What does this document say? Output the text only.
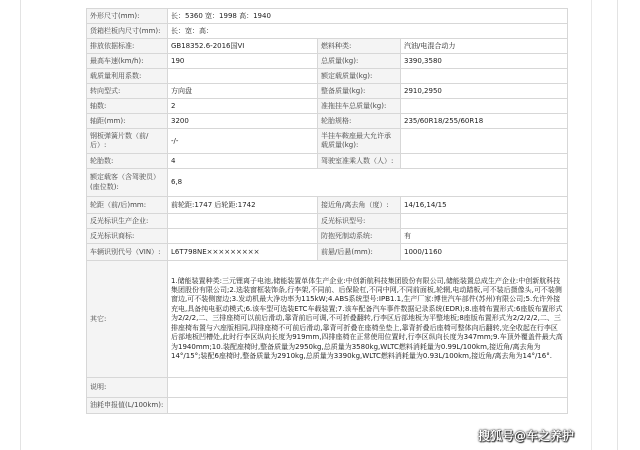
外形尺寸(mm):	长：5360 宽：1998 高：1940		
货箱栏板内尺寸(mm):	长：宽：高：		
排放依据标准:	GB18352.6-2016国VI	燃料种类:	汽油/电混合动力
最高车速(km/h):	190	总质量(kg):	3390,3580
载质量利用系数:		额定载质量(kg):	
转向型式:	方向盘	整备质量(kg):	2910,2950
轴数:	2	准拖挂车总质量(kg):	
轴距(mm):	3200	轮胎规格:	235/60R18/255/60R18
钢板弹簧片数（前/后）:	-/-	半挂车鞍座最大允许承载质量(kg):	
轮胎数:	4	驾驶室准乘人数（人）:	
额定载客（含驾驶员）(座位数):	6,8		
轮距（前/后)mm:	前轮距:1747 后轮距:1742	接近角/离去角（度）:	14/16,14/15
反光标识生产企业:		反光标识型号:	
反光标识商标:		防抱死制动系统:	有
车辆识别代号（VIN）:	L6T798NE×××××××××	前悬/后悬(mm):	1000/1160
其它:	1.储能装置种类:三元锂离子电池,储能装置单体生产企业:中创新航科技集团股份有限公司,储能装置总成生产企业:中创新航科技集团股份有限公司;2.选装窗框装饰条,行李架,不同前、后保险杠,不同中网,不同前面板,轮辋,电动踏板,可不装后摄像头,可不装侧窗边,可不装侧窗边;3.发动机最大净功率为115kW;4.ABS系统型号:IPB1.1,生产厂家:博世汽车部件(苏州)有限公司;5.允许外接充电,具备纯电驱动模式;6.该车型可选装ETC车载装置;7.该车配备汽车事件数据记录系统(EDR);8.座椅布置形式:6座版布置形式为2/2/2,二、三排座椅可以前后滑动,靠背前后可调,不可折叠翻转,行李区后部地板为平整地板;8座版布置形式为2/2/2/2,二、三排座椅布置与六座版相同,四排座椅不可前后滑动,靠背可折叠在座椅坐垫上,靠背折叠后座椅可整体向后翻转,完全收起在行李区后部地板凹槽处,此时行李区纵向长度为919mm,四排座椅在正常使用位置时,行李区纵向长度为347mm;9.车顶外覆盖件最大高为1940mm;10.装配座椅时,整备质量为2950kg,总质量为3580kg,WLTC燃料消耗量为0.99L/100km,接近角/离去角为14°/15°;装配6座椅时,整备质量为2910kg,总质量为3390kg,WLTC燃料消耗量为0.93L/100km,接近角/离去角为14°/16°.		
说明:			
油耗申报值(L/100km):			
搜狐号@车之养护
